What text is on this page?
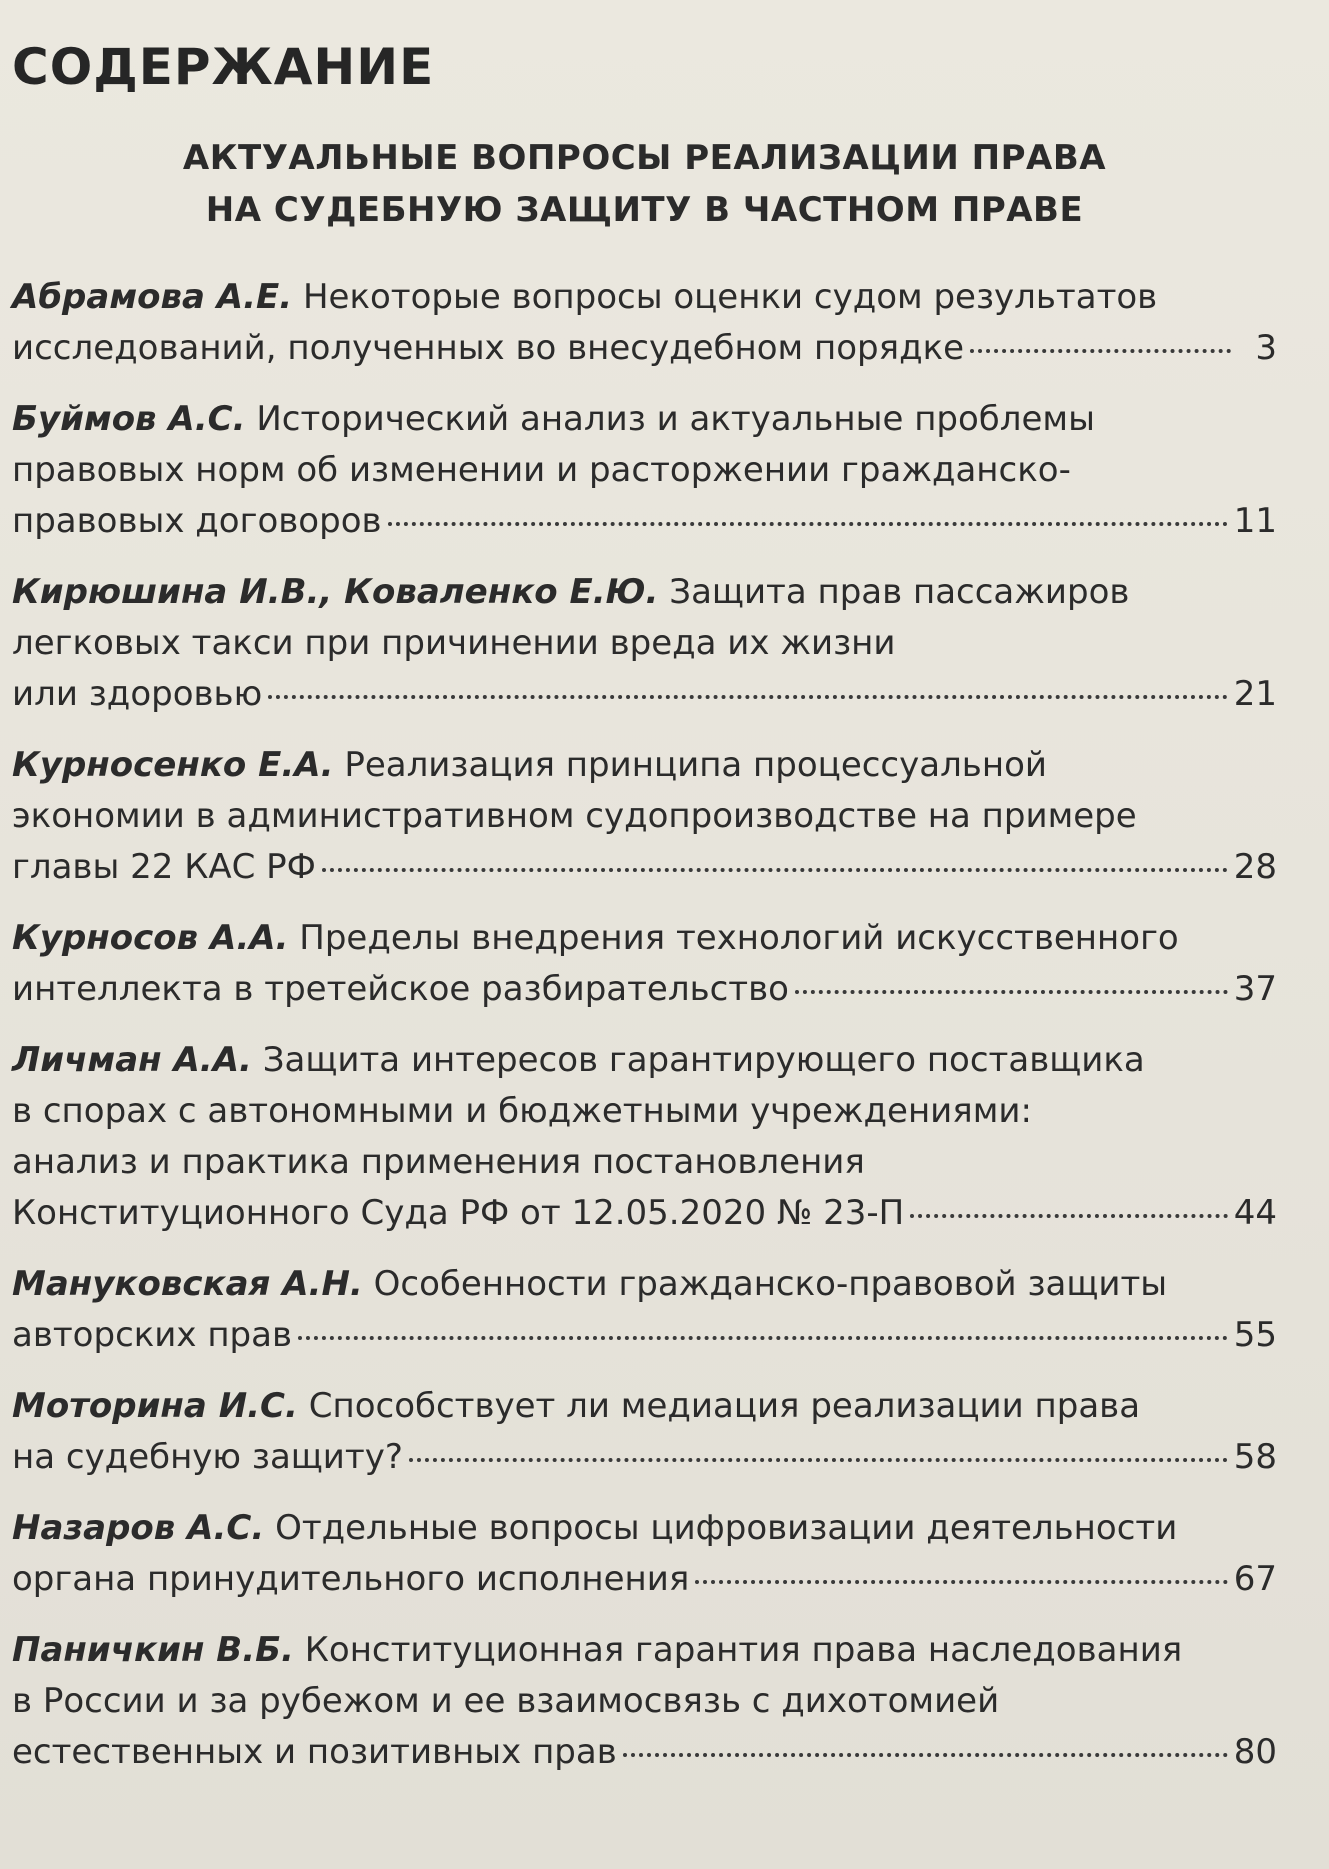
СОДЕРЖАНИЕ
АКТУАЛЬНЫЕ ВОПРОСЫ РЕАЛИЗАЦИИ ПРАВА
НА СУДЕБНУЮ ЗАЩИТУ В ЧАСТНОМ ПРАВЕ
Абрамова А.Е. Некоторые вопросы оценки судом результатов
исследований, полученных во внесудебном порядке	3
Буймов А.С. Исторический анализ и актуальные проблемы
правовых норм об изменении и расторжении гражданско-
правовых договоров	11
Кирюшина И.В., Коваленко Е.Ю. Защита прав пассажиров
легковых такси при причинении вреда их жизни
или здоровью	21
Курносенко Е.А. Реализация принципа процессуальной
экономии в административном судопроизводстве на примере
главы 22 КАС РФ	28
Курносов А.А. Пределы внедрения технологий искусственного
интеллекта в третейское разбирательство	37
Личман А.А. Защита интересов гарантирующего поставщика
в спорах с автономными и бюджетными учреждениями:
анализ и практика применения постановления
Конституционного Суда РФ от 12.05.2020 № 23-П	44
Мануковская А.Н. Особенности гражданско-правовой защиты
авторских прав	55
Моторина И.С. Способствует ли медиация реализации права
на судебную защиту?	58
Назаров А.С. Отдельные вопросы цифровизации деятельности
органа принудительного исполнения	67
Паничкин В.Б. Конституционная гарантия права наследования
в России и за рубежом и ее взаимосвязь с дихотомией
естественных и позитивных прав	80
